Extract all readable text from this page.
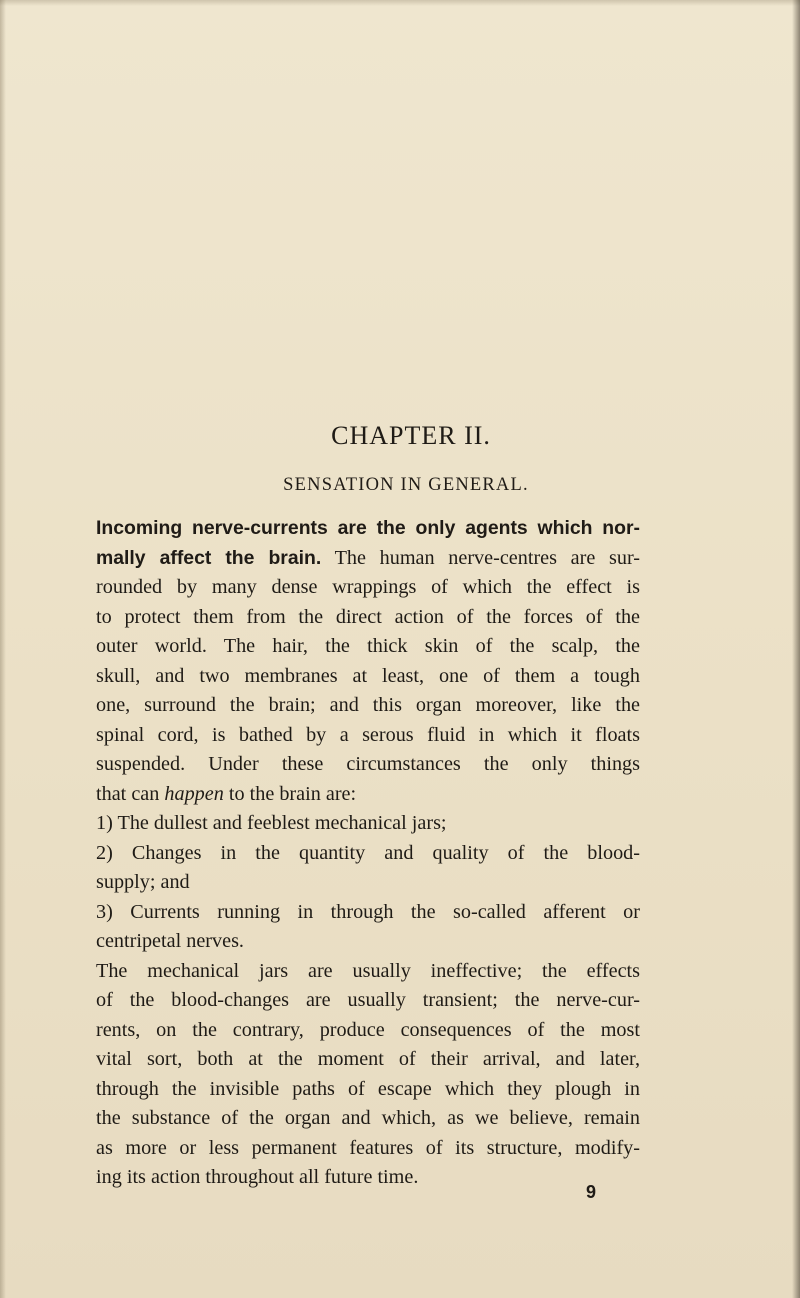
CHAPTER II.
SENSATION IN GENERAL.
Incoming nerve-currents are the only agents which nor-
mally affect the brain. The human nerve-centres are sur-
rounded by many dense wrappings of which the effect is
to protect them from the direct action of the forces of the
outer world. The hair, the thick skin of the scalp, the
skull, and two membranes at least, one of them a tough
one, surround the brain; and this organ moreover, like the
spinal cord, is bathed by a serous fluid in which it floats
suspended. Under these circumstances the only things
that can happen to the brain are:
1) The dullest and feeblest mechanical jars;
2) Changes in the quantity and quality of the blood-
supply; and
3) Currents running in through the so-called afferent or
centripetal nerves.
The mechanical jars are usually ineffective; the effects
of the blood-changes are usually transient; the nerve-cur-
rents, on the contrary, produce consequences of the most
vital sort, both at the moment of their arrival, and later,
through the invisible paths of escape which they plough in
the substance of the organ and which, as we believe, remain
as more or less permanent features of its structure, modify-
ing its action throughout all future time.
9
